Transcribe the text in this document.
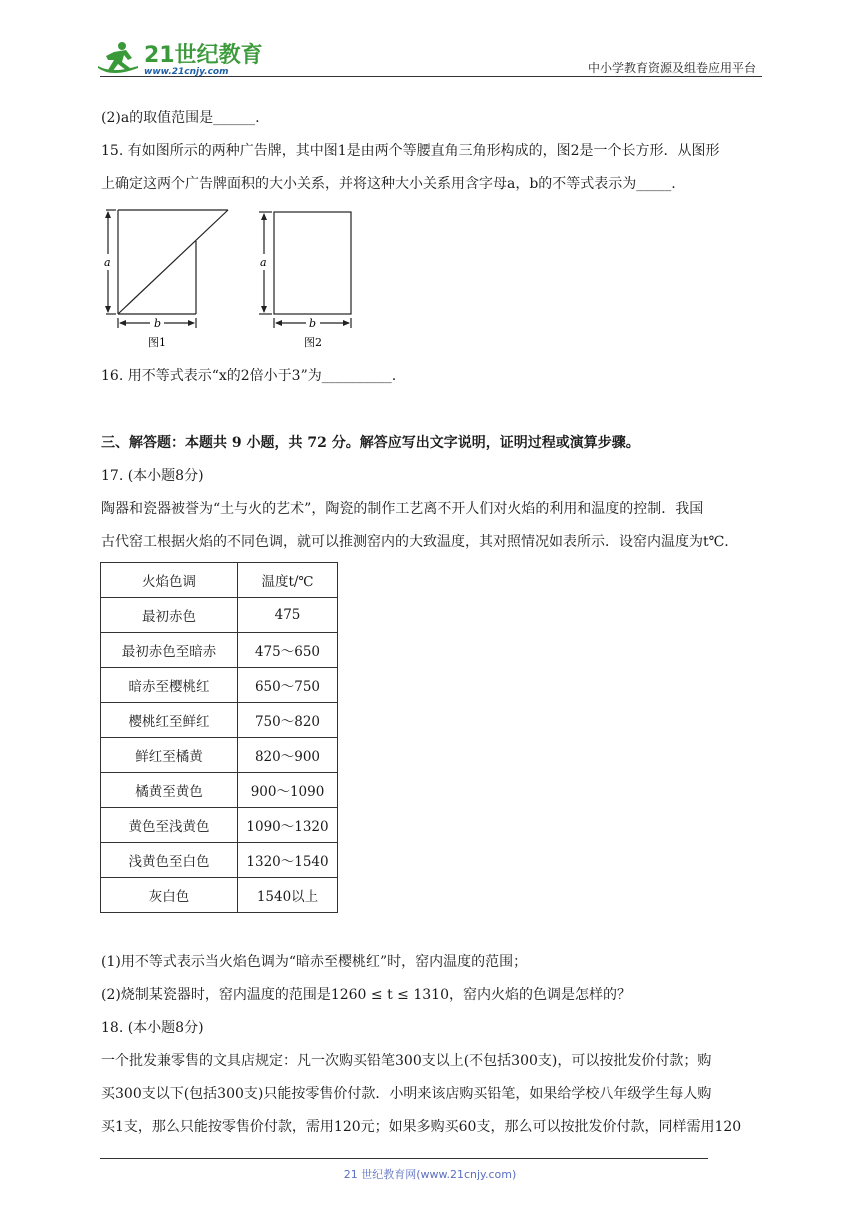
21世纪教育
www.21cnjy.com	中小学教育资源及组卷应用平台
(2)a的取值范围是______.
15. 有如图所示的两种广告牌，其中图1是由两个等腰直角三角形构成的，图2是一个长方形．从图形
上确定这两个广告牌面积的大小关系，并将这种大小关系用含字母a，b的不等式表示为_____.
a
b
图1
a
b
图2
16. 用不等式表示“x的2倍小于3”为__________.
三、解答题：本题共 9 小题，共 72 分。解答应写出文字说明，证明过程或演算步骤。
17. (本小题8分)
陶器和瓷器被誉为“土与火的艺术”，陶瓷的制作工艺离不开人们对火焰的利用和温度的控制．我国
古代窑工根据火焰的不同色调，就可以推测窑内的大致温度，其对照情况如表所示．设窑内温度为t℃.
火焰色调	温度t/℃
最初赤色	475
最初赤色至暗赤	475～650
暗赤至樱桃红	650～750
樱桃红至鲜红	750～820
鲜红至橘黄	820～900
橘黄至黄色	900～1090
黄色至浅黄色	1090～1320
浅黄色至白色	1320～1540
灰白色	1540以上
(1)用不等式表示当火焰色调为“暗赤至樱桃红”时，窑内温度的范围；
(2)烧制某瓷器时，窑内温度的范围是1260 ≤ t ≤ 1310，窑内火焰的色调是怎样的？
18. (本小题8分)
一个批发兼零售的文具店规定：凡一次购买铅笔300支以上(不包括300支)，可以按批发价付款；购
买300支以下(包括300支)只能按零售价付款．小明来该店购买铅笔，如果给学校八年级学生每人购
买1支，那么只能按零售价付款，需用120元；如果多购买60支，那么可以按批发价付款，同样需用120
21 世纪教育网(www.21cnjy.com)
